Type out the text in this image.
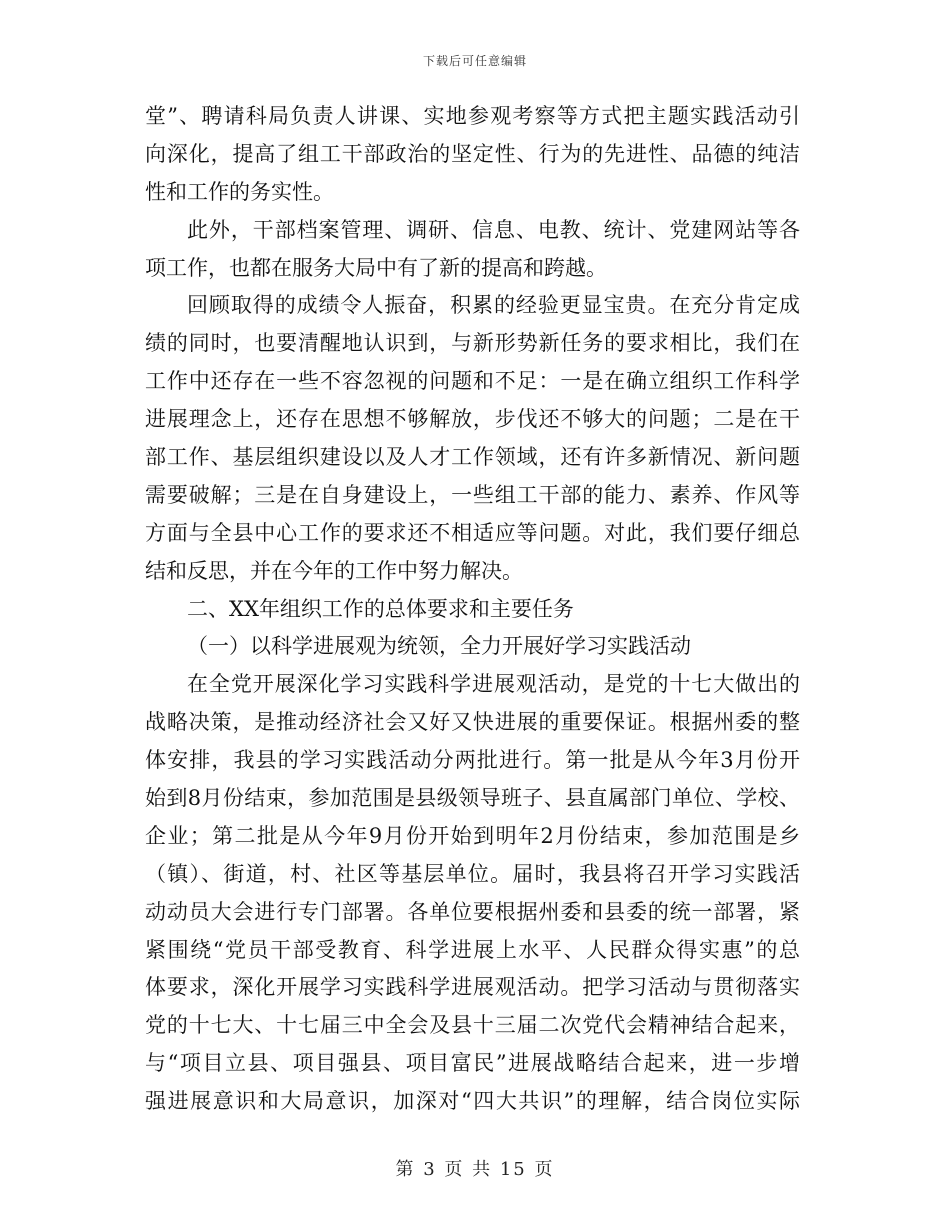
下载后可任意编辑
堂”、聘请科局负责人讲课、实地参观考察等方式把主题实践活动引
向深化，提高了组工干部政治的坚定性、行为的先进性、品德的纯洁
性和工作的务实性。
此外，干部档案管理、调研、信息、电教、统计、党建网站等各
项工作，也都在服务大局中有了新的提高和跨越。
回顾取得的成绩令人振奋，积累的经验更显宝贵。在充分肯定成
绩的同时，也要清醒地认识到，与新形势新任务的要求相比，我们在
工作中还存在一些不容忽视的问题和不足：一是在确立组织工作科学
进展理念上，还存在思想不够解放，步伐还不够大的问题；二是在干
部工作、基层组织建设以及人才工作领域，还有许多新情况、新问题
需要破解；三是在自身建设上，一些组工干部的能力、素养、作风等
方面与全县中心工作的要求还不相适应等问题。对此，我们要仔细总
结和反思，并在今年的工作中努力解决。
二、XX年组织工作的总体要求和主要任务
（一）以科学进展观为统领，全力开展好学习实践活动
在全党开展深化学习实践科学进展观活动，是党的十七大做出的
战略决策，是推动经济社会又好又快进展的重要保证。根据州委的整
体安排，我县的学习实践活动分两批进行。第一批是从今年3月份开
始到8月份结束，参加范围是县级领导班子、县直属部门单位、学校、
企业；第二批是从今年9月份开始到明年2月份结束，参加范围是乡
（镇）、街道，村、社区等基层单位。届时，我县将召开学习实践活
动动员大会进行专门部署。各单位要根据州委和县委的统一部署，紧
紧围绕“党员干部受教育、科学进展上水平、人民群众得实惠”的总
体要求，深化开展学习实践科学进展观活动。把学习活动与贯彻落实
党的十七大、十七届三中全会及县十三届二次党代会精神结合起来，
与“项目立县、项目强县、项目富民”进展战略结合起来，进一步增
强进展意识和大局意识，加深对“四大共识”的理解，结合岗位实际
第 3 页 共 15 页
